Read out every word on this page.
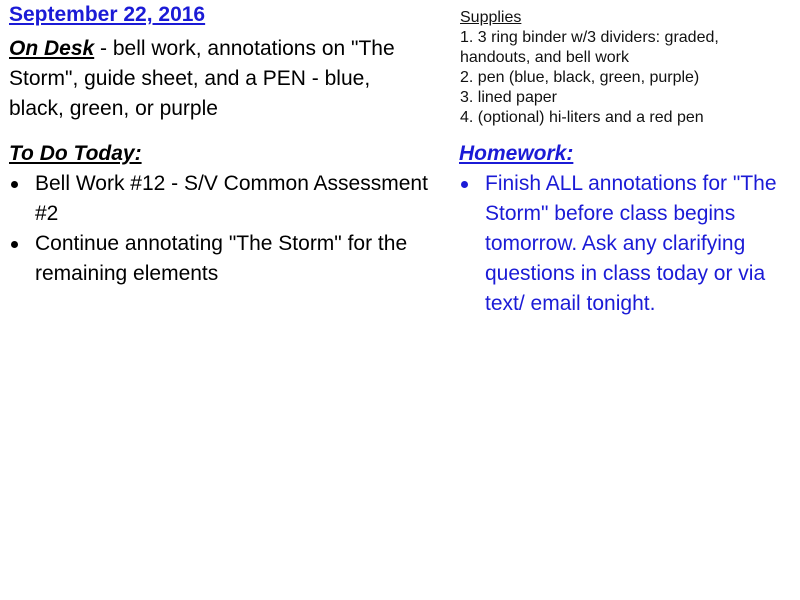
September 22, 2016
On Desk - bell work, annotations on "The Storm", guide sheet, and a PEN - blue, black, green, or purple
Supplies
1. 3 ring binder w/3 dividers: graded, handouts, and bell work
2. pen (blue, black, green, purple)
3. lined paper
4. (optional) hi-liters and a red pen
To Do Today:
Bell Work #12 - S/V Common Assessment #2
Continue annotating "The Storm" for the remaining elements
Homework:
Finish ALL annotations for "The Storm" before class begins tomorrow. Ask any clarifying questions in class today or via text/ email tonight.
